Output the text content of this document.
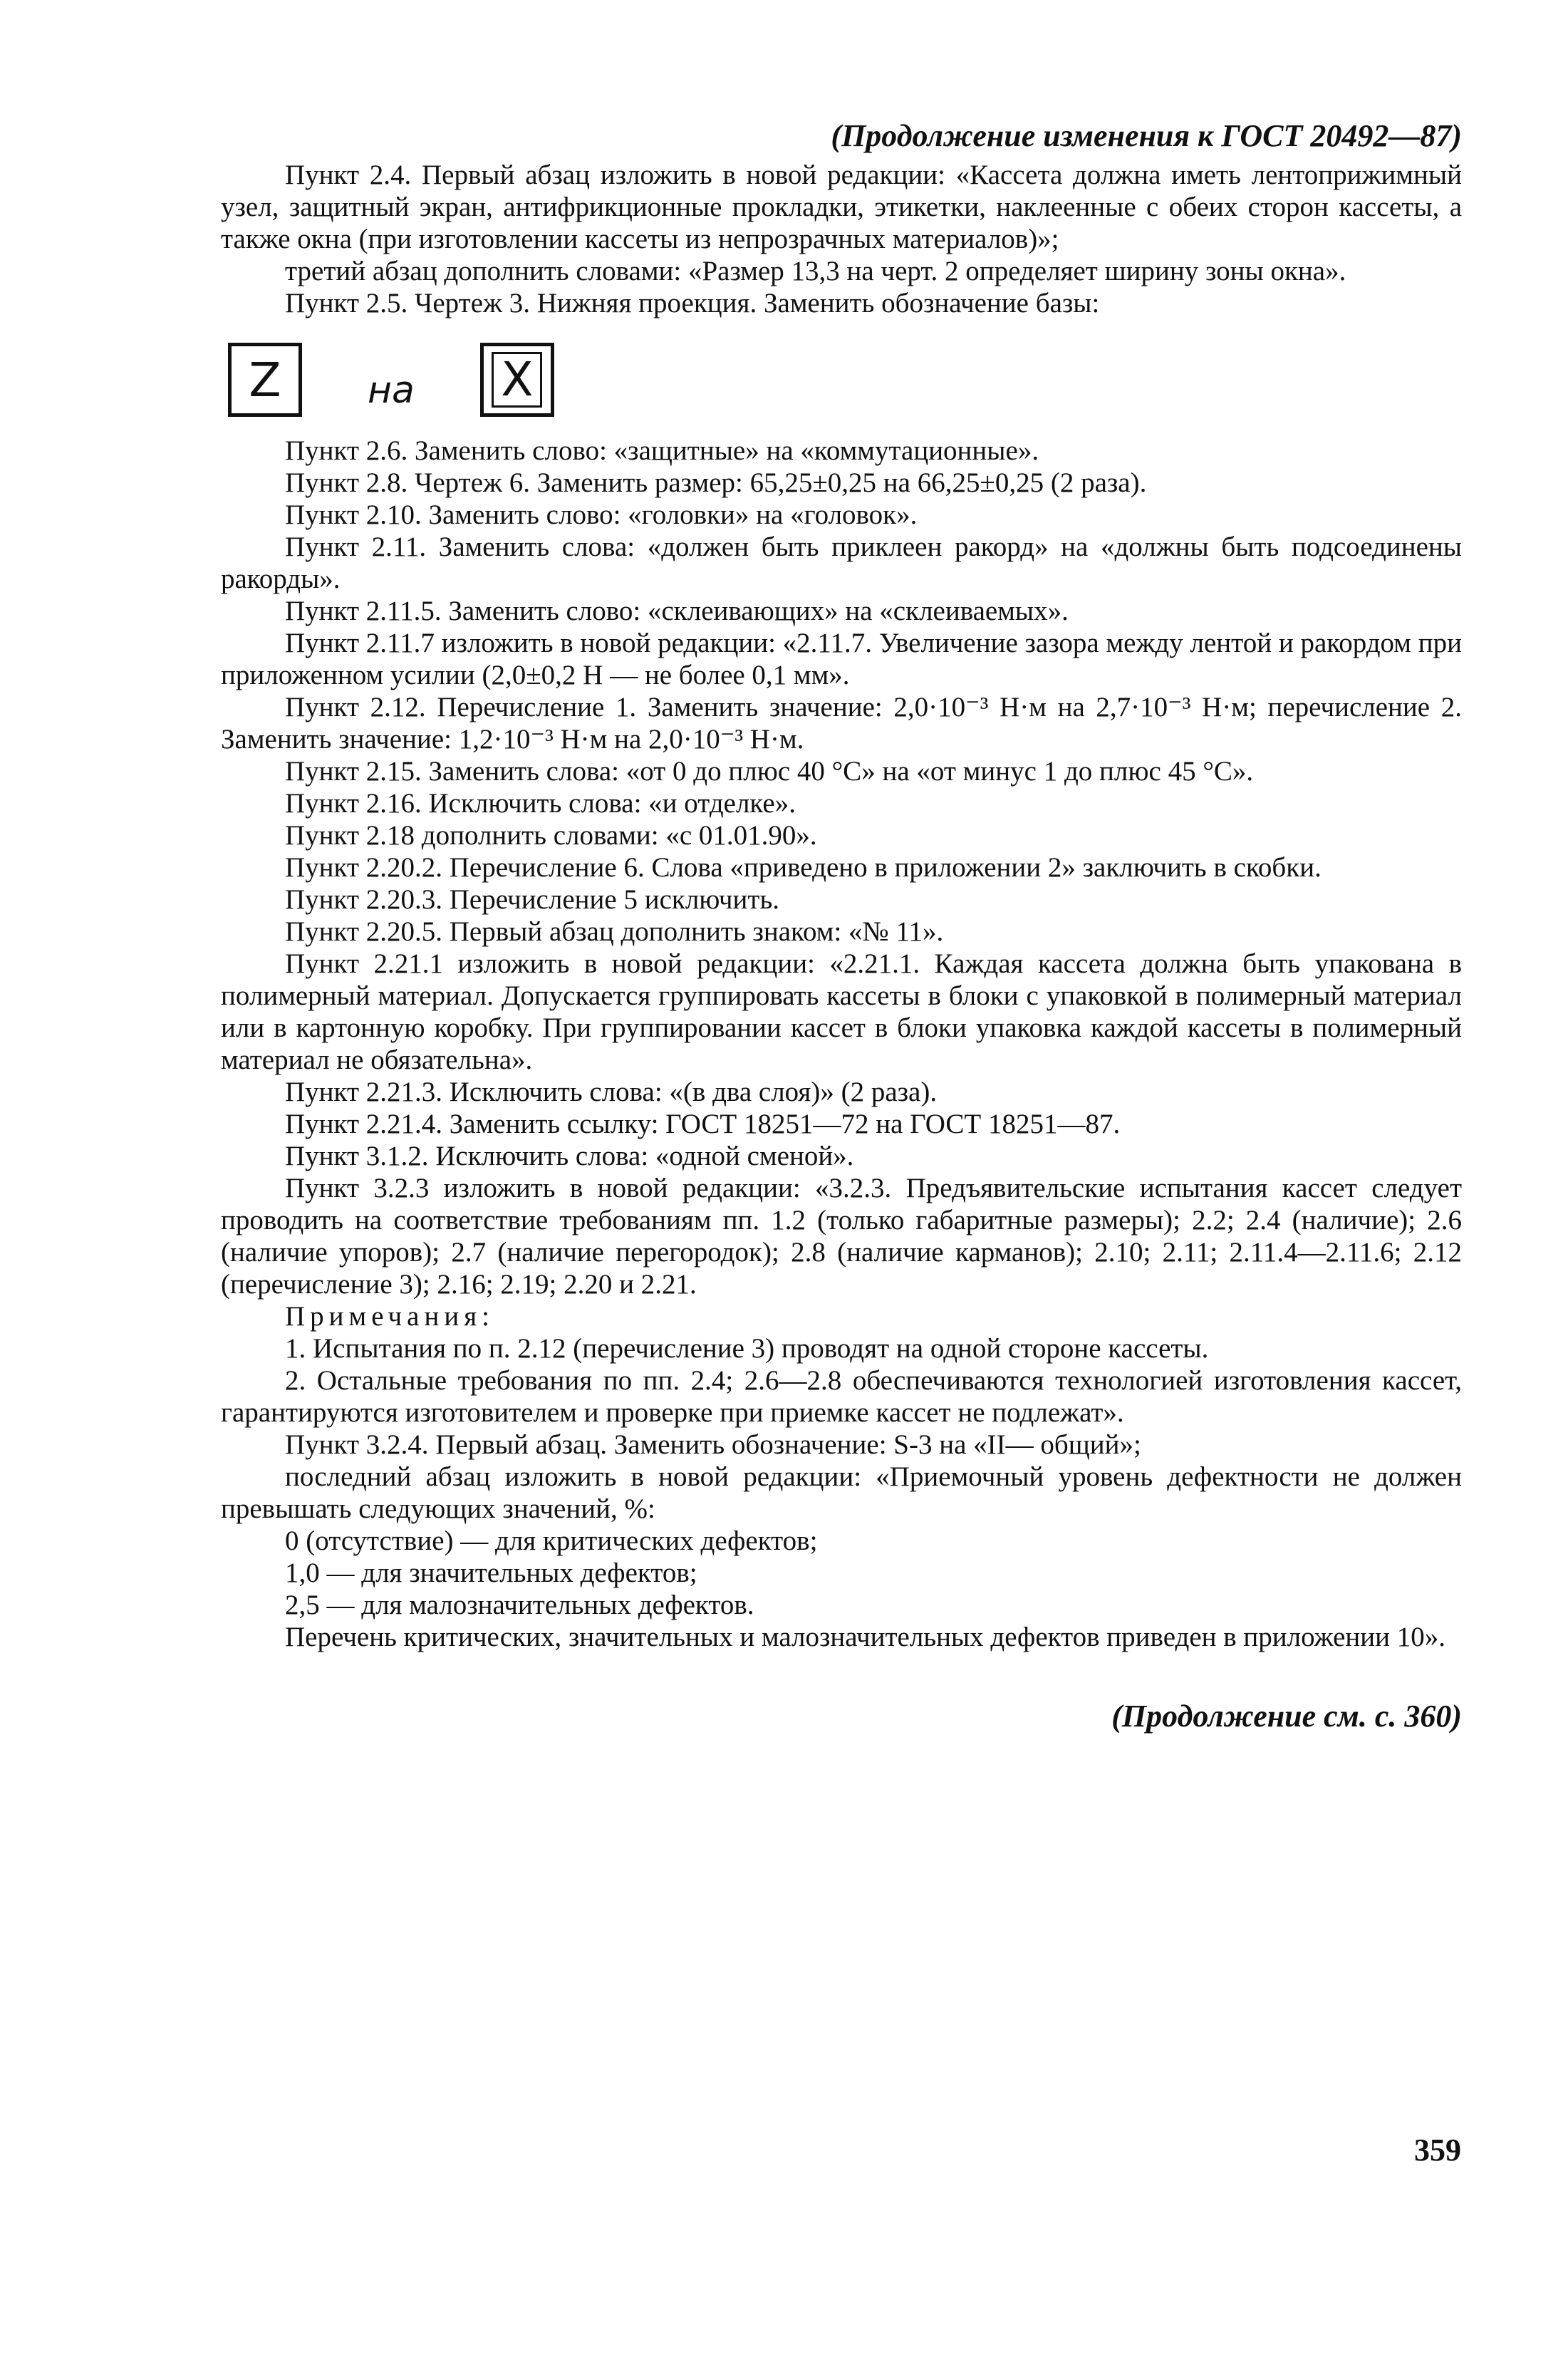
(Продолжение изменения к ГОСТ 20492—87)

Пункт 2.4. Первый абзац изложить в новой редакции: «Кассета должна иметь лентоприжимный узел, защитный экран, антифрикционные прокладки, этикетки, наклеенные с обеих сторон кассеты, а также окна (при изготовлении кассеты из непрозрачных материалов)»;

третий абзац дополнить словами: «Размер 13,3 на черт. 2 определяет ширину зоны окна».

Пункт 2.5. Чертеж 3. Нижняя проекция. Заменить обозначение базы:

Z на X

Пункт 2.6. Заменить слово: «защитные» на «коммутационные».

Пункт 2.8. Чертеж 6. Заменить размер: 65,25±0,25 на 66,25±0,25 (2 раза).

Пункт 2.10. Заменить слово: «головки» на «головок».

Пункт 2.11. Заменить слова: «должен быть приклеен ракорд» на «должны быть подсоединены ракорды».

Пункт 2.11.5. Заменить слово: «склеивающих» на «склеиваемых».

Пункт 2.11.7 изложить в новой редакции: «2.11.7. Увеличение зазора между лентой и ракордом при приложенном усилии (2,0±0,2 Н — не более 0,1 мм».

Пункт 2.12. Перечисление 1. Заменить значение: 2,0·10⁻³ Н·м на 2,7·10⁻³ Н·м; перечисление 2. Заменить значение: 1,2·10⁻³ Н·м на 2,0·10⁻³ Н·м.

Пункт 2.15. Заменить слова: «от 0 до плюс 40 °С» на «от минус 1 до плюс 45 °С».

Пункт 2.16. Исключить слова: «и отделке».

Пункт 2.18 дополнить словами: «с 01.01.90».

Пункт 2.20.2. Перечисление 6. Слова «приведено в приложении 2» заключить в скобки.

Пункт 2.20.3. Перечисление 5 исключить.

Пункт 2.20.5. Первый абзац дополнить знаком: «№ 11».

Пункт 2.21.1 изложить в новой редакции: «2.21.1. Каждая кассета должна быть упакована в полимерный материал. Допускается группировать кассеты в блоки с упаковкой в полимерный материал или в картонную коробку. При группировании кассет в блоки упаковка каждой кассеты в полимерный материал не обязательна».

Пункт 2.21.3. Исключить слова: «(в два слоя)» (2 раза).

Пункт 2.21.4. Заменить ссылку: ГОСТ 18251—72 на ГОСТ 18251—87.

Пункт 3.1.2. Исключить слова: «одной сменой».

Пункт 3.2.3 изложить в новой редакции: «3.2.3. Предъявительские испытания кассет следует проводить на соответствие требованиям пп. 1.2 (только габаритные размеры); 2.2; 2.4 (наличие); 2.6 (наличие упоров); 2.7 (наличие перегородок); 2.8 (наличие карманов); 2.10; 2.11; 2.11.4—2.11.6; 2.12 (перечисление 3); 2.16; 2.19; 2.20 и 2.21.

Примечания:

1. Испытания по п. 2.12 (перечисление 3) проводят на одной стороне кассеты.

2. Остальные требования по пп. 2.4; 2.6—2.8 обеспечиваются технологией изготовления кассет, гарантируются изготовителем и проверке при приемке кассет не подлежат».

Пункт 3.2.4. Первый абзац. Заменить обозначение: S-3 на «II— общий»;

последний абзац изложить в новой редакции: «Приемочный уровень дефектности не должен превышать следующих значений, %:

0 (отсутствие) — для критических дефектов;

1,0 — для значительных дефектов;

2,5 — для малозначительных дефектов.

Перечень критических, значительных и малозначительных дефектов приведен в приложении 10».

(Продолжение см. с. 360)
359
